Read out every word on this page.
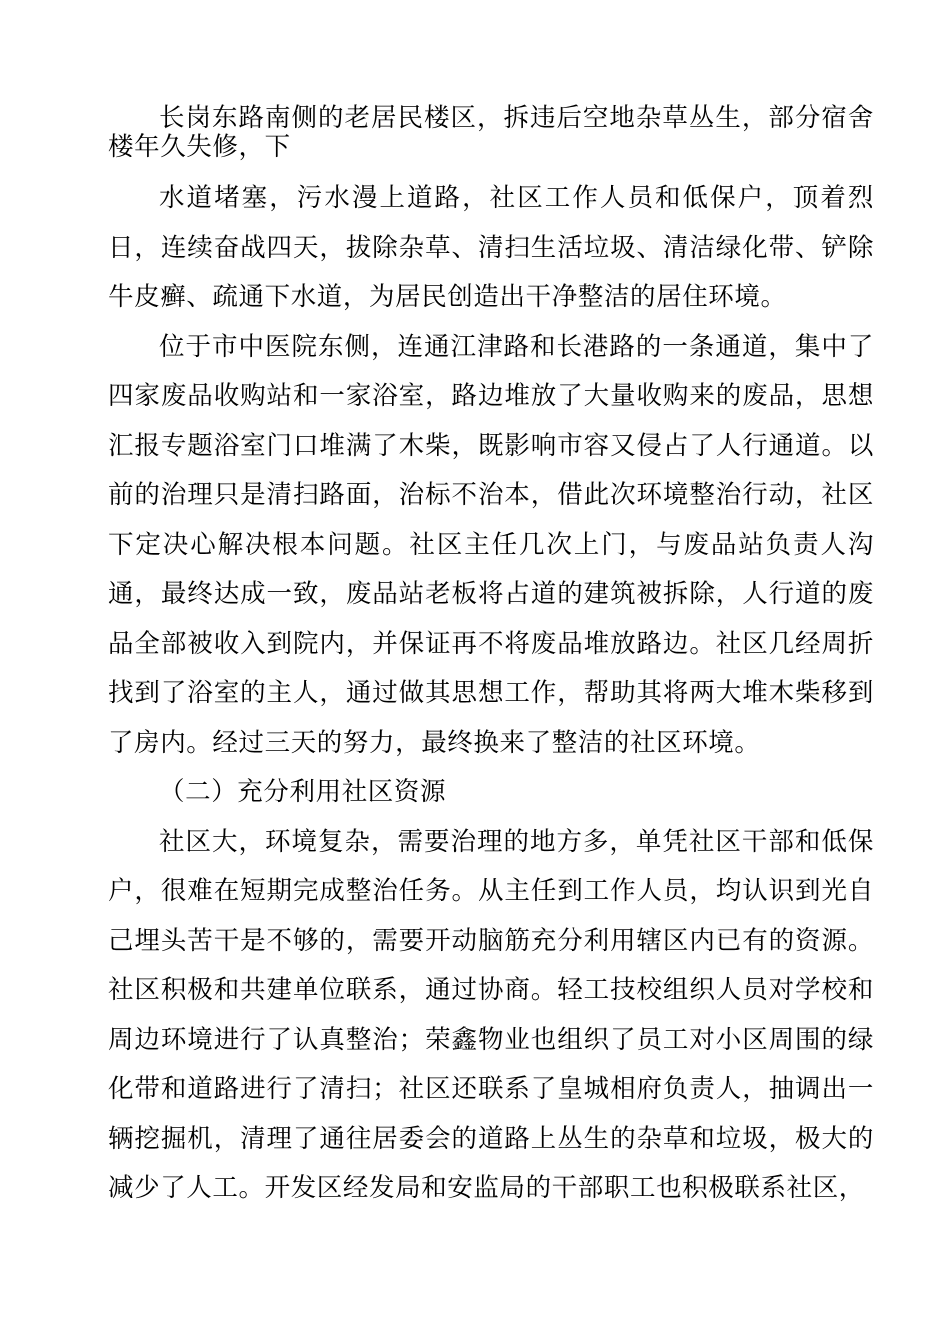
长岗东路南侧的老居民楼区，拆违后空地杂草丛生，部分宿舍楼年久失修，下

水道堵塞，污水漫上道路，社区工作人员和低保户，顶着烈日，连续奋战四天，拔除杂草、清扫生活垃圾、清洁绿化带、铲除牛皮癣、疏通下水道，为居民创造出干净整洁的居住环境。

位于市中医院东侧，连通江津路和长港路的一条通道，集中了四家废品收购站和一家浴室，路边堆放了大量收购来的废品，思想汇报专题浴室门口堆满了木柴，既影响市容又侵占了人行通道。以前的治理只是清扫路面，治标不治本，借此次环境整治行动，社区下定决心解决根本问题。社区主任几次上门，与废品站负责人沟通，最终达成一致，废品站老板将占道的建筑被拆除，人行道的废品全部被收入到院内，并保证再不将废品堆放路边。社区几经周折找到了浴室的主人，通过做其思想工作，帮助其将两大堆木柴移到了房内。经过三天的努力，最终换来了整洁的社区环境。

（二）充分利用社区资源

社区大，环境复杂，需要治理的地方多，单凭社区干部和低保户，很难在短期完成整治任务。从主任到工作人员，均认识到光自己埋头苦干是不够的，需要开动脑筋充分利用辖区内已有的资源。社区积极和共建单位联系，通过协商。轻工技校组织人员对学校和周边环境进行了认真整治；荣鑫物业也组织了员工对小区周围的绿化带和道路进行了清扫；社区还联系了皇城相府负责人，抽调出一辆挖掘机，清理了通往居委会的道路上丛生的杂草和垃圾，极大的减少了人工。开发区经发局和安监局的干部职工也积极联系社区，
